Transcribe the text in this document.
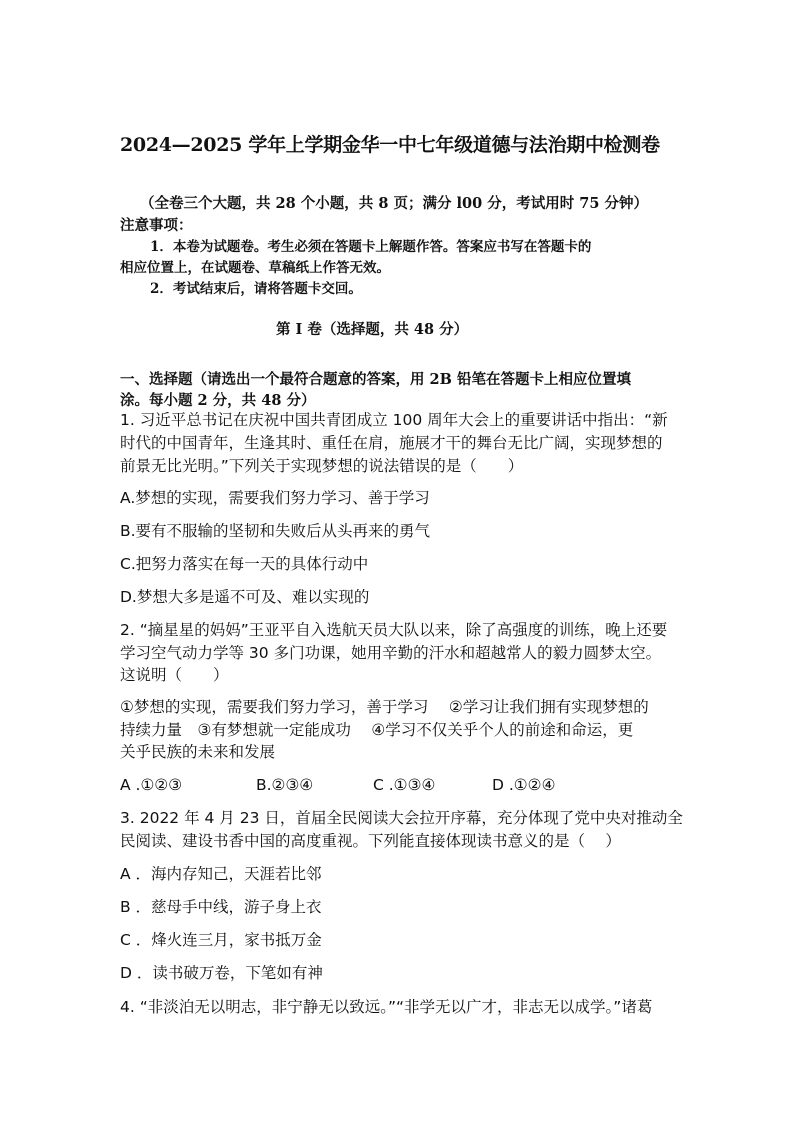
2024—2025 学年上学期金华一中七年级道德与法治期中检测卷
（全卷三个大题，共 28 个小题，共 8 页；满分 l00 分，考试用时 75 分钟）
注意事项：
1．本卷为试题卷。考生必须在答题卡上解题作答。答案应书写在答题卡的
相应位置上，在试题卷、草稿纸上作答无效。
2．考试结束后，请将答题卡交回。
第 I 卷（选择题，共 48 分）
一、选择题（请选出一个最符合题意的答案，用 2B 铅笔在答题卡上相应位置填
涂。每小题 2 分，共 48 分）
1. 习近平总书记在庆祝中国共青团成立 100 周年大会上的重要讲话中指出：“新
时代的中国青年，生逢其时、重任在肩，施展才干的舞台无比广阔，实现梦想的
前景无比光明。”下列关于实现梦想的说法错误的是（　　）
A.梦想的实现，需要我们努力学习、善于学习
B.要有不服输的坚韧和失败后从头再来的勇气
C.把努力落实在每一天的具体行动中
D.梦想大多是遥不可及、难以实现的
2. “摘星星的妈妈”王亚平自入选航天员大队以来，除了高强度的训练，晚上还要
学习空气动力学等 30 多门功课，她用辛勤的汗水和超越常人的毅力圆梦太空。
这说明（　　）
①梦想的实现，需要我们努力学习，善于学习　 ②学习让我们拥有实现梦想的
持续力量　③有梦想就一定能成功　 ④学习不仅关乎个人的前途和命运，更
关乎民族的未来和发展
A .①②③	B.②③④	C .①③④	D .①②④
3. 2022 年 4 月 23 日，首届全民阅读大会拉开序幕，充分体现了党中央对推动全
民阅读、建设书香中国的高度重视。下列能直接体现读书意义的是（　 ）
A ．海内存知己，天涯若比邻
B ．慈母手中线，游子身上衣
C ．烽火连三月，家书抵万金
D ．读书破万卷，下笔如有神
4. “非淡泊无以明志，非宁静无以致远。”“非学无以广才，非志无以成学。”诸葛
